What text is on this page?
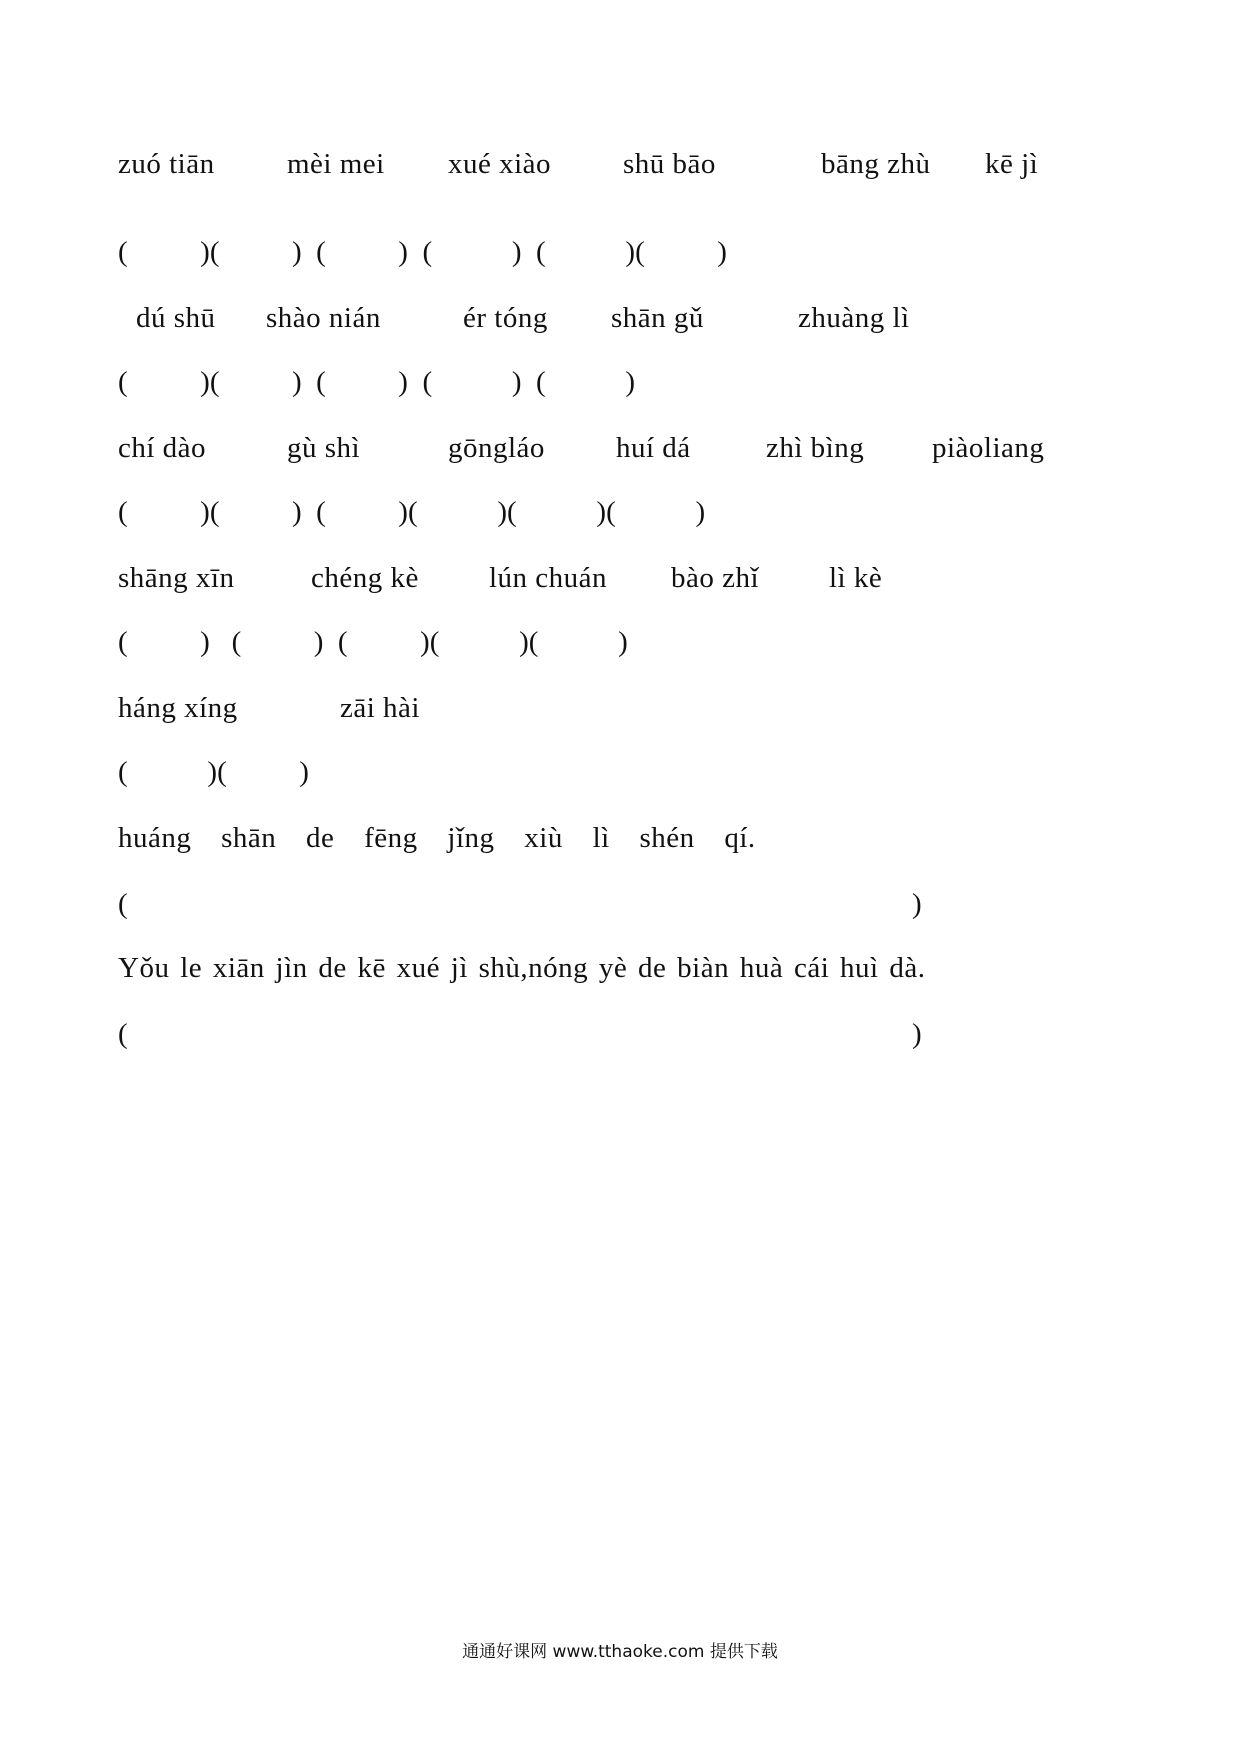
zuó tiān mèi mei xué xiào shū bāo	bāng zhù kē jì
(          )(          )  (          )  (           )  (           )(          )
dú shū shào nián	ér tóng shān gǔ	zhuàng lì
(          )(          )  (          )  (           )  (           )
chí dào	gù shì	gōngláo huí dá	zhì bìng piàoliang
(          )(          )  (          )(           )(           )(           )
shāng xīn	chéng kè lún chuán bào zhǐ lì kè
(          )   (          )  (          )(           )(           )
háng xíng	zāi hài
(           )(          )
huáng shān de fēng jǐng xiù lì shén qí.
(	)
Yǒu le xiān jìn de kē xué jì shù,nóng yè de biàn huà cái huì dà.
(	)
通通好课网 www.tthaoke.com 提供下载
